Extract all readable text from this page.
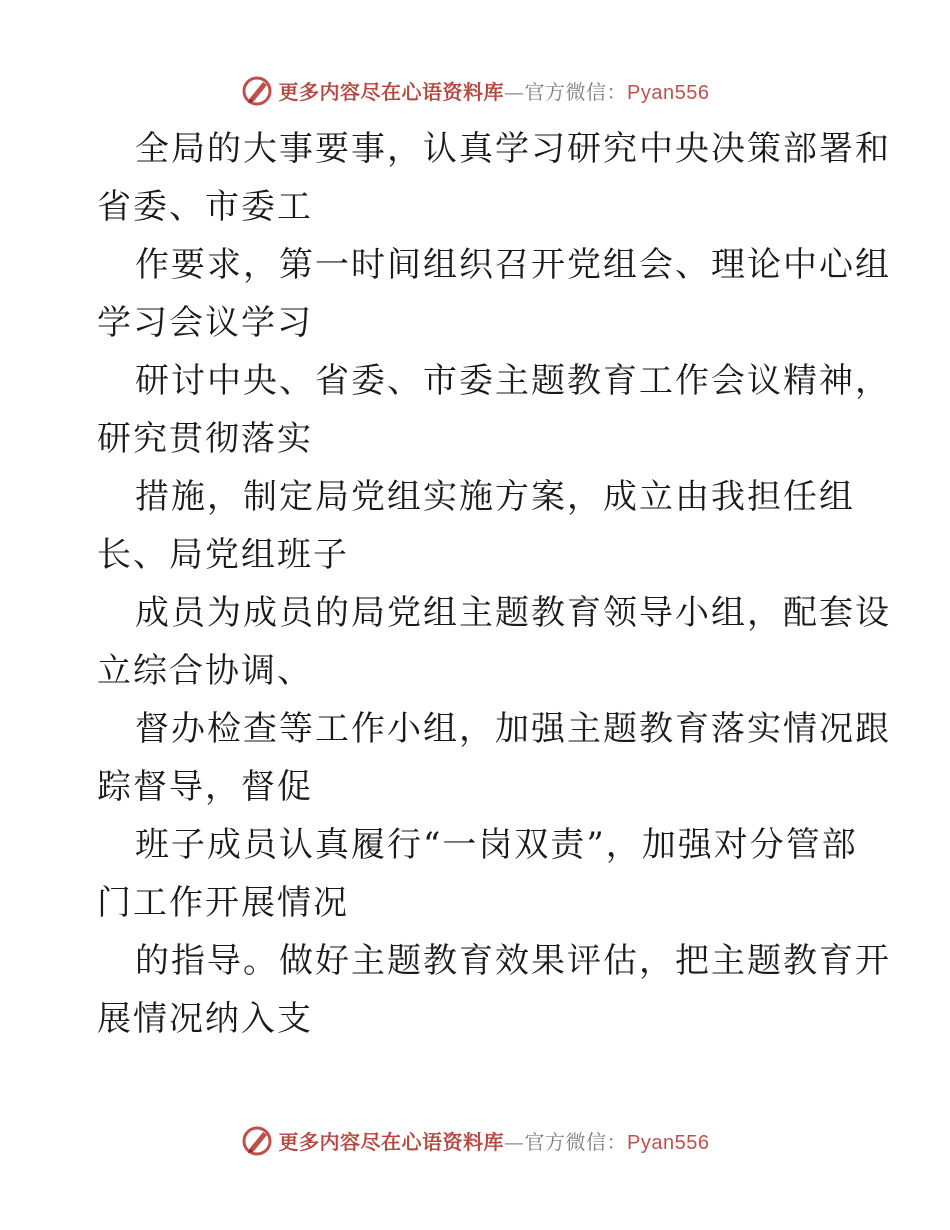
更多内容尽在心语资料库—官方微信：Pyan556
全局的大事要事，认真学习研究中央决策部署和
省委、市委工
作要求，第一时间组织召开党组会、理论中心组
学习会议学习
研讨中央、省委、市委主题教育工作会议精神，
研究贯彻落实
措施，制定局党组实施方案，成立由我担任组
长、局党组班子
成员为成员的局党组主题教育领导小组，配套设
立综合协调、
督办检查等工作小组，加强主题教育落实情况跟
踪督导，督促
班子成员认真履行“一岗双责”，加强对分管部
门工作开展情况
的指导。做好主题教育效果评估，把主题教育开
展情况纳入支
更多内容尽在心语资料库—官方微信：Pyan556
